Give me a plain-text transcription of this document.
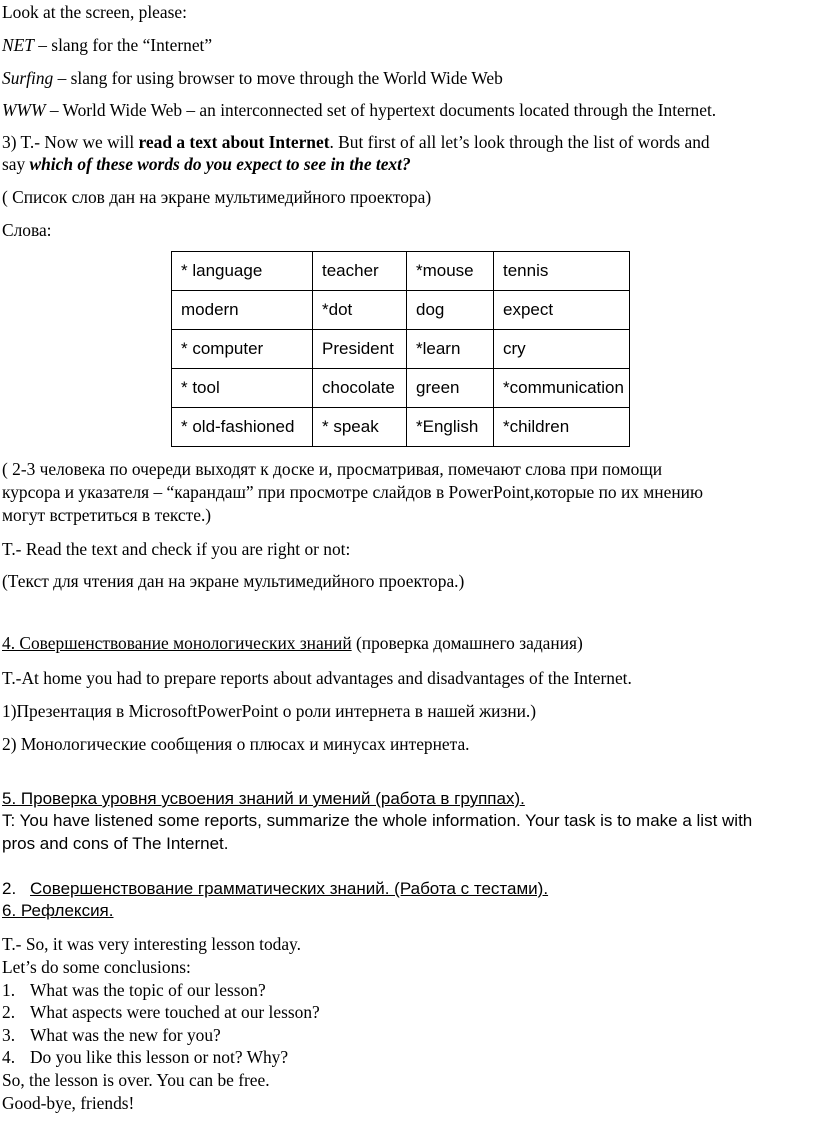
Look at the screen, please:
NET – slang for the “Internet”
Surfing – slang for using browser to move through the World Wide Web
WWW – World Wide Web – an interconnected set of hypertext documents located through the Internet.
3) T.- Now we will read a text about Internet. But first of all let’s look through the list of words and
say which of these words do you expect to see in the text?
( Список слов дан на экране мультимедийного проектора)
Слова:
* language	teacher	*mouse	tennis
modern	*dot	dog	expect
* computer	President	*learn	cry
* tool	chocolate	green	*communication
* old-fashioned	* speak	*English	*children
( 2-3 человека по очереди выходят к доске и, просматривая, помечают слова при помощи
курсора и указателя – “карандаш” при просмотре слайдов в PowerPoint,которые по их мнению
могут встретиться в тексте.)
T.- Read the text and check if you are right or not:
(Текст для чтения дан на экране мультимедийного проектора.)
4. Совершенствование монологических знаний (проверка домашнего задания)
T.-At home you had to prepare reports about advantages and disadvantages of the Internet.
1)Презентация в MicrosoftPowerPoint о роли интернета в нашей жизни.)
2) Монологические сообщения о плюсах и минусах интернета.
5. Проверка уровня усвоения знаний и умений (работа в группах).
T: You have listened some reports, summarize the whole information. Your task is to make a list with
pros and cons of The Internet.
2. Совершенствование грамматических знаний. (Работа с тестами).
6. Рефлексия.
T.- So, it was very interesting lesson today.
Let’s do some conclusions:
1. What was the topic of our lesson?
2. What aspects were touched at our lesson?
3. What was the new for you?
4. Do you like this lesson or not? Why?
So, the lesson is over. You can be free.
Good-bye, friends!
